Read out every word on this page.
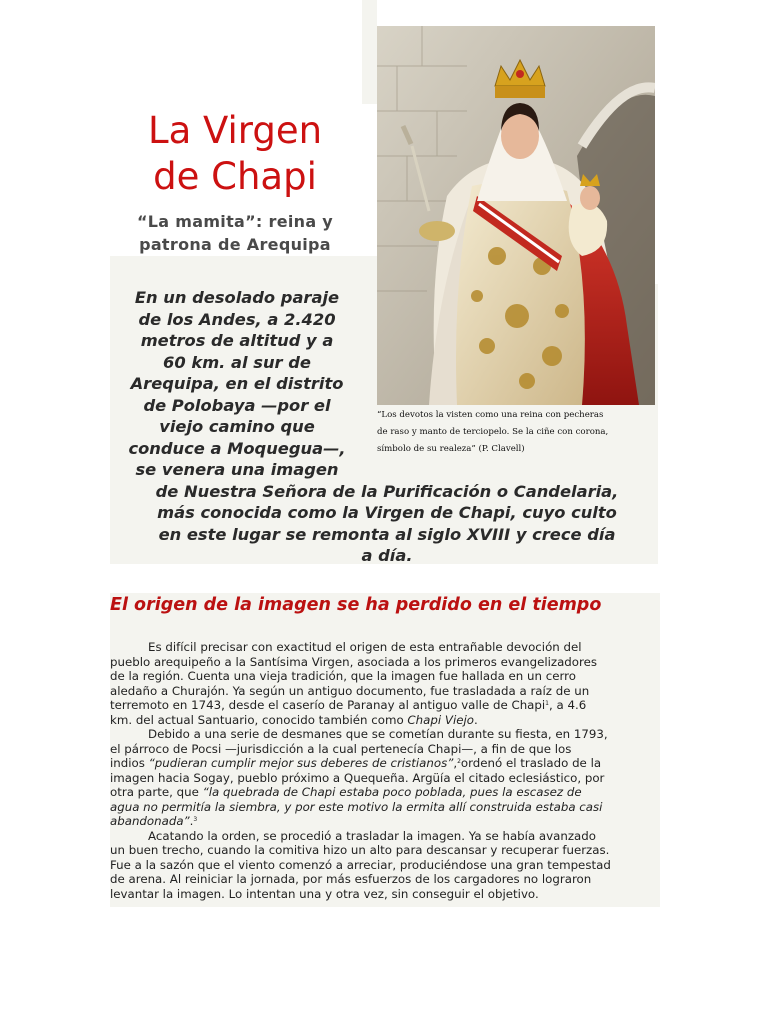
La Virgen
de Chapi

“La mamita”: reina y
patrona de Arequipa

“Los devotos la visten como una reina con pecheras
de raso y manto de terciopelo. Se la ciñe con corona,
símbolo de su realeza” (P. Clavell)

En un desolado paraje
de los Andes, a 2.420
metros de altitud y a
60 km. al sur de
Arequipa, en el distrito
de Polobaya —por el
viejo camino que
conduce a Moquegua—,
se venera una imagen
de Nuestra Señora de la Purificación o Candelaria,
más conocida como la Virgen de Chapi, cuyo culto
en este lugar se remonta al siglo XVIII y crece día
a día.
El origen de la imagen se ha perdido en el tiempo
Es difícil precisar con exactitud el origen de esta entrañable devoción del
pueblo arequipeño a la Santísima Virgen, asociada a los primeros evangelizadores
de la región. Cuenta una vieja tradición, que la imagen fue hallada en un cerro
aledaño a Churajón. Ya según un antiguo documento, fue trasladada a raíz de un
terremoto en 1743, desde el caserío de Paranay al antiguo valle de Chapi$^1$, a 4.6
km. del actual Santuario, conocido también como Chapi Viejo.
Debido a una serie de desmanes que se cometían durante su fiesta, en 1793,
el párroco de Pocsi —jurisdicción a la cual pertenecía Chapi—, a fin de que los
indios “pudieran cumplir mejor sus deberes de cristianos”,$^2$ordenó el traslado de la
imagen hacia Sogay, pueblo próximo a Quequeña. Argüía el citado eclesiástico, por
otra parte, que “la quebrada de Chapi estaba poco poblada, pues la escasez de
agua no permitía la siembra, y por este motivo la ermita allí construida estaba casi
abandonada”.$^3$
Acatando la orden, se procedió a trasladar la imagen. Ya se había avanzado
un buen trecho, cuando la comitiva hizo un alto para descansar y recuperar fuerzas.
Fue a la sazón que el viento comenzó a arreciar, produciéndose una gran tempestad
de arena. Al reiniciar la jornada, por más esfuerzos de los cargadores no lograron
levantar la imagen. Lo intentan una y otra vez, sin conseguir el objetivo.
